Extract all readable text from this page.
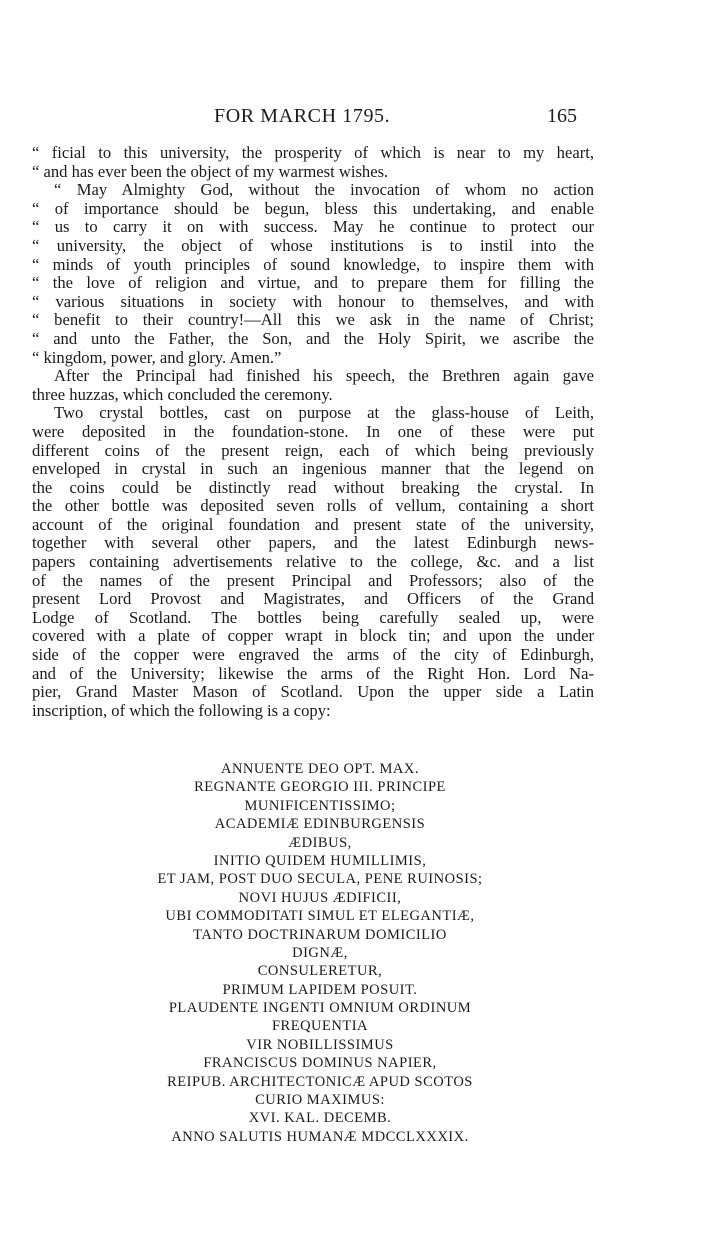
FOR MARCH 1795.	165
“ ficial to this university, the prosperity of which is near to my heart,
“ and has ever been the object of my warmest wishes.
“ May Almighty God, without the invocation of whom no action
“ of importance should be begun, bless this undertaking, and enable
“ us to carry it on with success. May he continue to protect our
“ university, the object of whose institutions is to instil into the
“ minds of youth principles of sound knowledge, to inspire them with
“ the love of religion and virtue, and to prepare them for filling the
“ various situations in society with honour to themselves, and with
“ benefit to their country!—All this we ask in the name of Christ;
“ and unto the Father, the Son, and the Holy Spirit, we ascribe the
“ kingdom, power, and glory. Amen.”
After the Principal had finished his speech, the Brethren again gave
three huzzas, which concluded the ceremony.
Two crystal bottles, cast on purpose at the glass-house of Leith,
were deposited in the foundation-stone. In one of these were put
different coins of the present reign, each of which being previously
enveloped in crystal in such an ingenious manner that the legend on
the coins could be distinctly read without breaking the crystal. In
the other bottle was deposited seven rolls of vellum, containing a short
account of the original foundation and present state of the university,
together with several other papers, and the latest Edinburgh news-
papers containing advertisements relative to the college, &c. and a list
of the names of the present Principal and Professors; also of the
present Lord Provost and Magistrates, and Officers of the Grand
Lodge of Scotland. The bottles being carefully sealed up, were
covered with a plate of copper wrapt in block tin; and upon the under
side of the copper were engraved the arms of the city of Edinburgh,
and of the University; likewise the arms of the Right Hon. Lord Na-
pier, Grand Master Mason of Scotland. Upon the upper side a Latin
inscription, of which the following is a copy:
ANNUENTE DEO OPT. MAX.
REGNANTE GEORGIO III. PRINCIPE
MUNIFICENTISSIMO;
ACADEMIÆ EDINBURGENSIS
ÆDIBUS,
INITIO QUIDEM HUMILLIMIS,
ET JAM, POST DUO SECULA, PENE RUINOSIS;
NOVI HUJUS ÆDIFICII,
UBI COMMODITATI SIMUL ET ELEGANTIÆ,
TANTO DOCTRINARUM DOMICILIO
DIGNÆ,
CONSULERETUR,
PRIMUM LAPIDEM POSUIT.
PLAUDENTE INGENTI OMNIUM ORDINUM
FREQUENTIA
VIR NOBILLISSIMUS
FRANCISCUS DOMINUS NAPIER,
REIPUB. ARCHITECTONICÆ APUD SCOTOS
CURIO MAXIMUS:
XVI. KAL. DECEMB.
ANNO SALUTIS HUMANÆ MDCCLXXXIX.
